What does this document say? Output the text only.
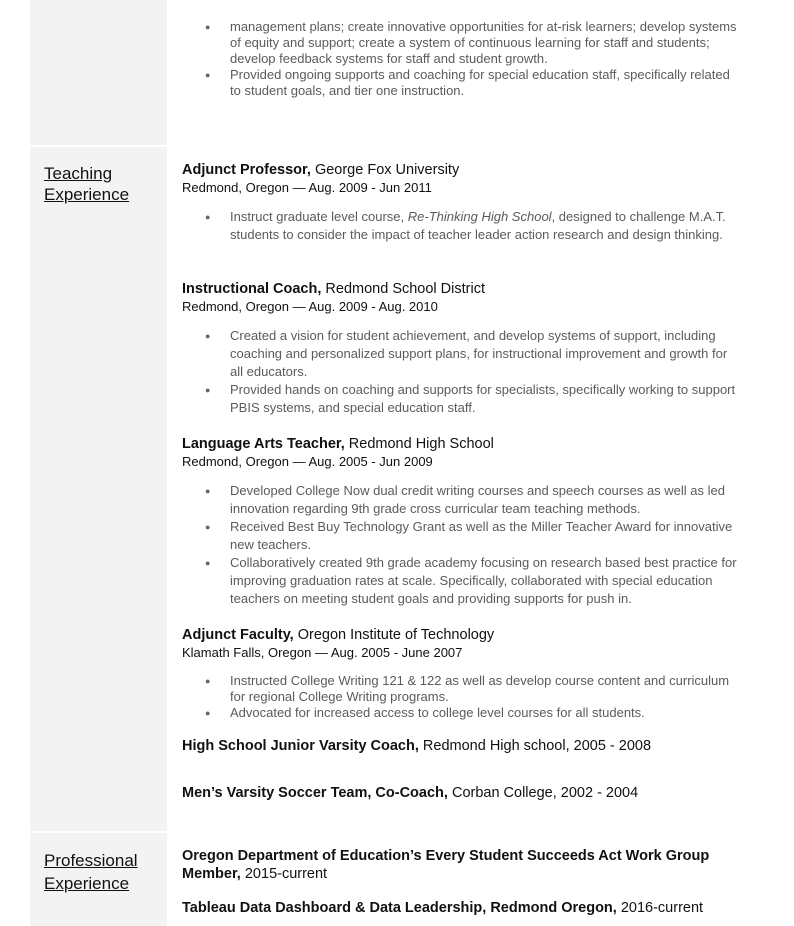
● management plans; create innovative opportunities for at-risk learners; develop systems of equity and support; create a system of continuous learning for staff and students; develop feedback systems for staff and student growth.
● Provided ongoing supports and coaching for special education staff, specifically related to student goals, and tier one instruction.
Teaching
Experience
Adjunct Professor, George Fox University
Redmond, Oregon — Aug. 2009 - Jun 2011
● Instruct graduate level course, Re-Thinking High School, designed to challenge M.A.T. students to consider the impact of teacher leader action research and design thinking.
Instructional Coach, Redmond School District
Redmond, Oregon — Aug. 2009 - Aug. 2010
● Created a vision for student achievement, and develop systems of support, including coaching and personalized support plans, for instructional improvement and growth for all educators.
● Provided hands on coaching and supports for specialists, specifically working to support PBIS systems, and special education staff.
Language Arts Teacher, Redmond High School
Redmond, Oregon — Aug. 2005 - Jun 2009
● Developed College Now dual credit writing courses and speech courses as well as led innovation regarding 9th grade cross curricular team teaching methods.
● Received Best Buy Technology Grant as well as the Miller Teacher Award for innovative new teachers.
● Collaboratively created 9th grade academy focusing on research based best practice for improving graduation rates at scale. Specifically, collaborated with special education teachers on meeting student goals and providing supports for push in.
Adjunct Faculty, Oregon Institute of Technology
Klamath Falls, Oregon — Aug. 2005 - June 2007
● Instructed College Writing 121 & 122 as well as develop course content and curriculum for regional College Writing programs.
● Advocated for increased access to college level courses for all students.
High School Junior Varsity Coach, Redmond High school, 2005 - 2008
Men’s Varsity Soccer Team, Co-Coach, Corban College, 2002 - 2004
Professional
Experience
Oregon Department of Education’s Every Student Succeeds Act Work Group Member, 2015-current
Tableau Data Dashboard & Data Leadership, Redmond Oregon, 2016-current
